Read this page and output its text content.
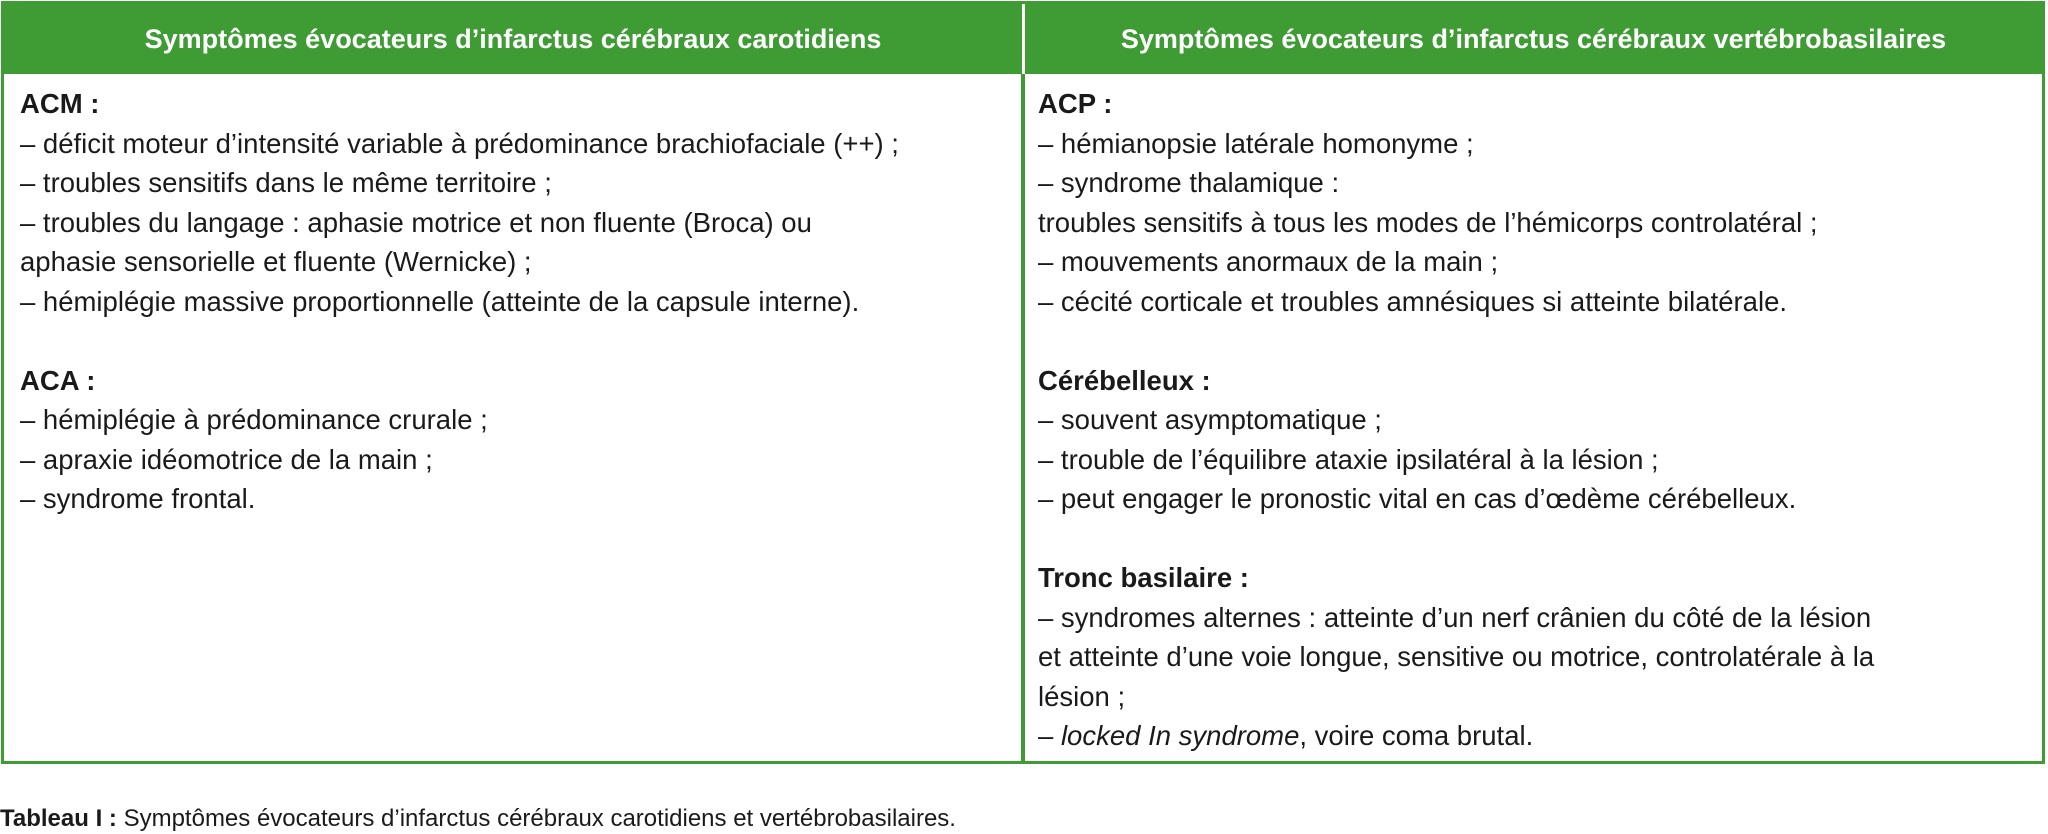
Symptômes évocateurs d’infarctus cérébraux carotidiens	Symptômes évocateurs d’infarctus cérébraux vertébrobasilaires
ACM :
– déficit moteur d’intensité variable à prédominance brachiofaciale (++) ;
– troubles sensitifs dans le même territoire ;
– troubles du langage : aphasie motrice et non fluente (Broca) ou
aphasie sensorielle et fluente (Wernicke) ;
– hémiplégie massive proportionnelle (atteinte de la capsule interne).
ACA :
– hémiplégie à prédominance crurale ;
– apraxie idéomotrice de la main ;
– syndrome frontal.
ACP :
– hémianopsie latérale homonyme ;
– syndrome thalamique :
troubles sensitifs à tous les modes de l’hémicorps controlatéral ;
– mouvements anormaux de la main ;
– cécité corticale et troubles amnésiques si atteinte bilatérale.
Cérébelleux :
– souvent asymptomatique ;
– trouble de l’équilibre ataxie ipsilatéral à la lésion ;
– peut engager le pronostic vital en cas d’œdème cérébelleux.
Tronc basilaire :
– syndromes alternes : atteinte d’un nerf crânien du côté de la lésion
et atteinte d’une voie longue, sensitive ou motrice, controlatérale à la
lésion ;
– locked In syndrome, voire coma brutal.
Tableau I : Symptômes évocateurs d’infarctus cérébraux carotidiens et vertébrobasilaires.
